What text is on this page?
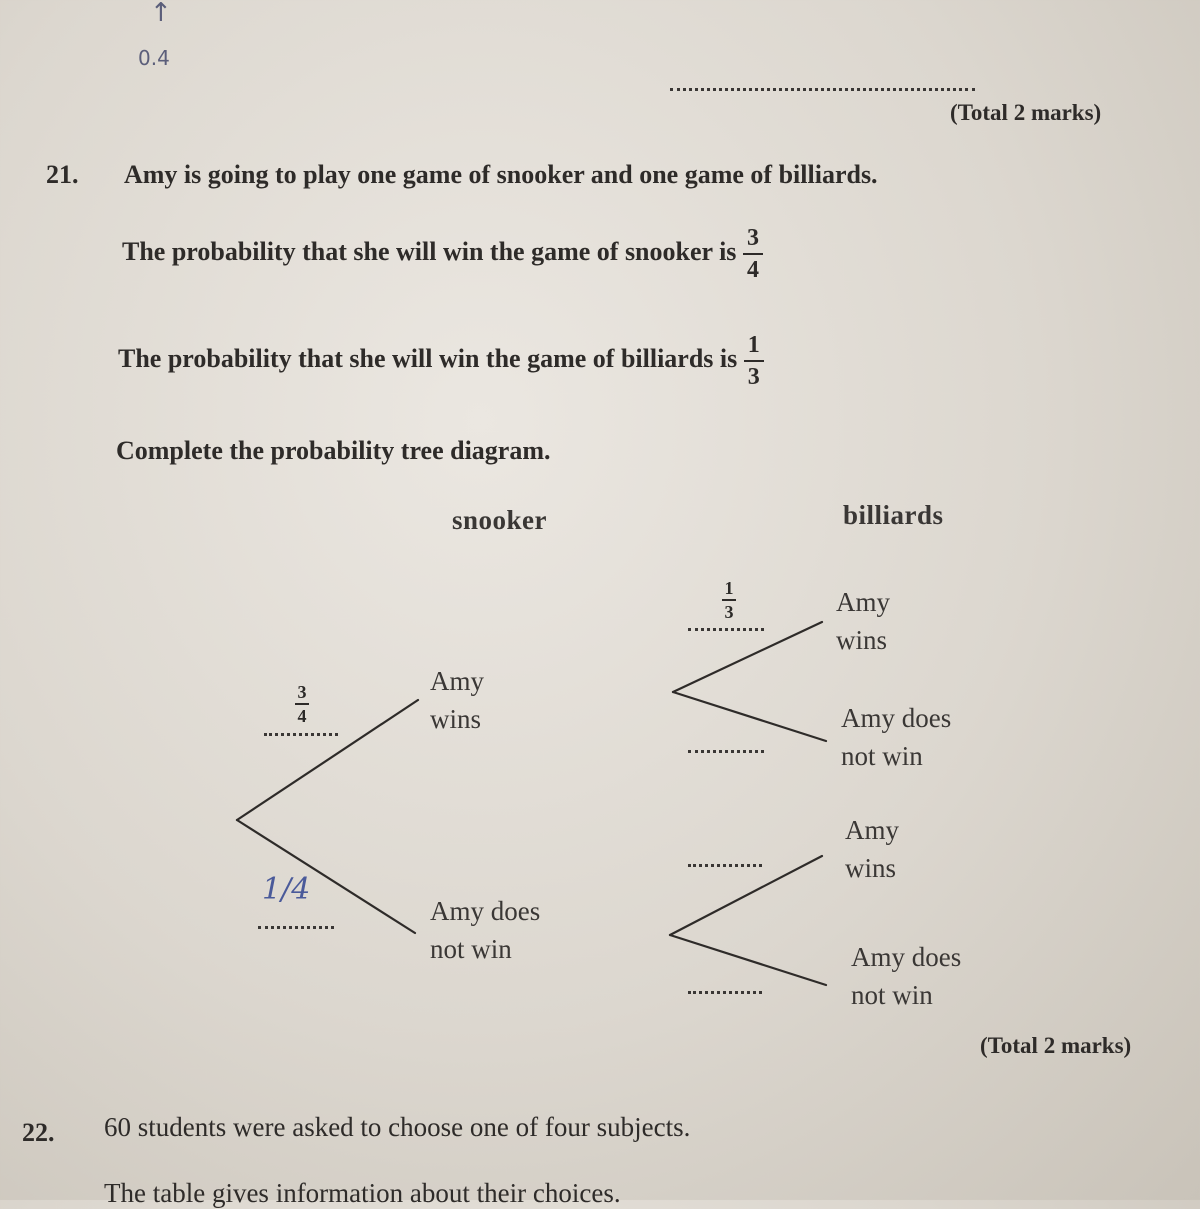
↑
0.4
(Total 2 marks)
21. Amy is going to play one game of snooker and one game of billiards.
The probability that she will win the game of snooker is $\frac{3}{4}$
The probability that she will win the game of billiards is $\frac{1}{3}$
Complete the probability tree diagram.
snooker	billiards
3
4
Amy
wins
1/4
Amy does
not win
1
3	Amy
wins
Amy does
not win
Amy
wins
Amy does
not win
(Total 2 marks)
22. 60 students were asked to choose one of four subjects.
The table gives information about their choices.
